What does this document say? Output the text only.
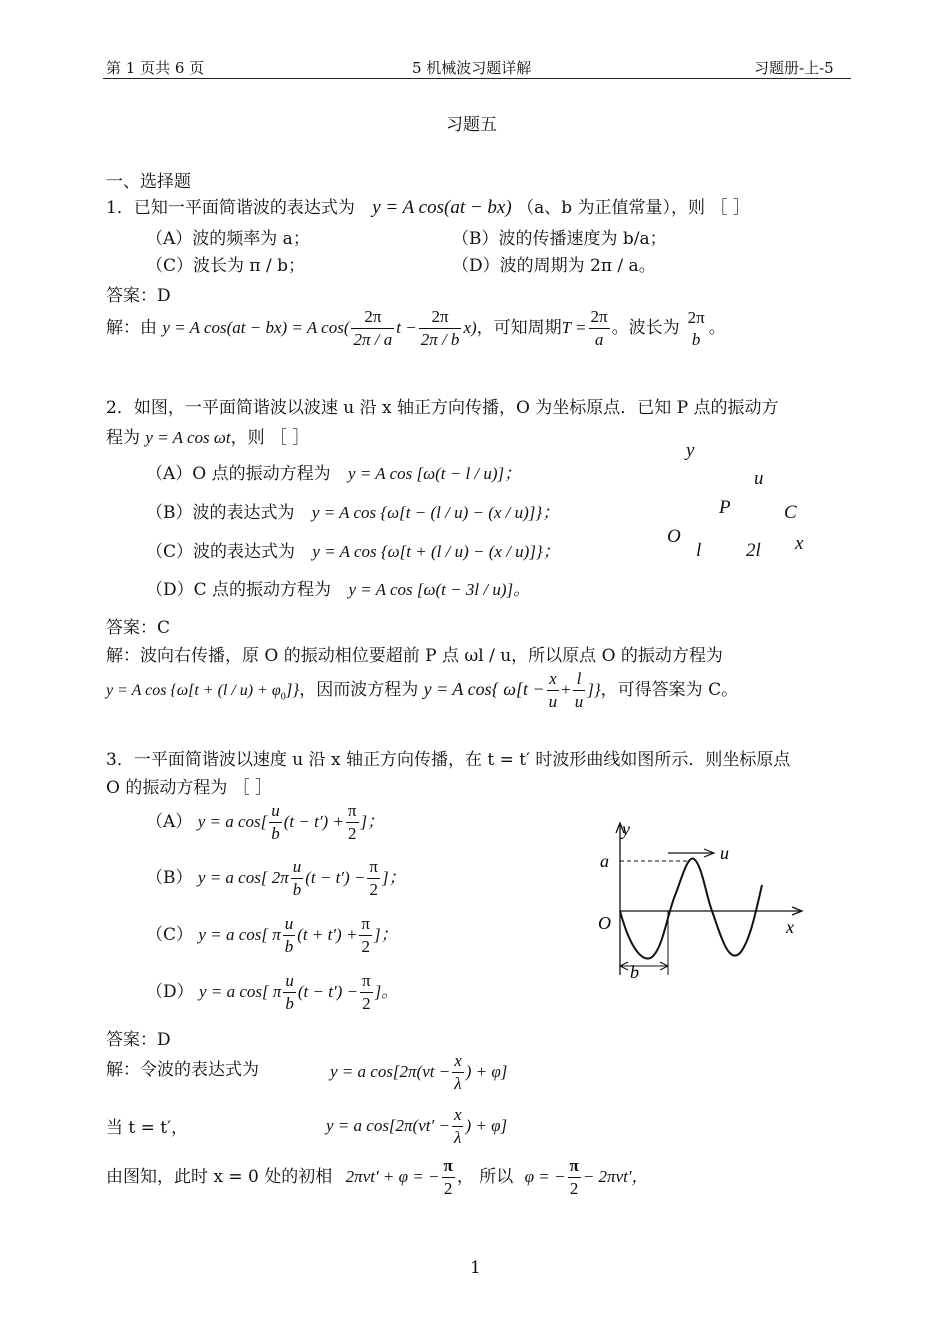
第 1 页共 6 页	5 机械波习题详解	习题册-上-5
习题五
一、选择题
1．已知一平面简谐波的表达式为 y = A cos(at − bx) （a、b 为正值常量），则 ［ ］
（A）波的频率为 a；	（B）波的传播速度为 b/a；
（C）波长为 π / b；	（D）波的周期为 2π / a。
答案：D
解：由 y = A cos(at − bx) = A $\cos( \frac{2\pi}{2\pi / a}$ $t - \frac{2\pi}{2\pi / b} x$)，可知周期$T = \frac{2\pi}{a}$ 。波长为
2π
b
。
2．如图，一平面简谐波以波速 u 沿 x 轴正方向传播，O 为坐标原点．已知 P 点的振动方
程为 y = A cos ωt，则 ［ ］
（A）O 点的振动方程为 y = A cos [ω(t − l / u)]；
（B）波的表达式为 y = A cos {ω[t − (l / u) − (x / u)]}；
（C）波的表达式为 y = A cos {ω[t + (l / u) − (x / u)]}；
（D）C 点的振动方程为 y = A cos [ω(t − 3l / u)]。
y
u
P	C
O
l 2l x
答案：C
解：波向右传播，原 O 的振动相位要超前 P 点 ωl / u，所以原点 O 的振动方程为
y = A $\cos \{\omega[t + (l / u) + \varphi_0]\}$，因而波方程为 y = A cos{ $\omega[t - \frac{x}{u} + \frac{l}{u}$ ]}，可得答案为 C。
3．一平面简谐波以速度 u 沿 x 轴正方向传播，在 t = t′ 时波形曲线如图所示．则坐标原点
O 的振动方程为 ［ ］
（A） y = a $\cos[ \frac{u}{b} (t - t') + \frac{\pi}{2}$ ]；
（B） y = a cos[ $2\pi \frac{u}{b} (t - t') - \frac{\pi}{2}$ ]；
（C） y = a cos[ π $\frac{u}{b} (t + t') + \frac{\pi}{2}$ ]；
（D） y = a cos[ π $\frac{u}{b} (t - t') - \frac{\pi}{2}$ ]。
y
u
a
O	x
b
答案：D
解：令波的表达式为	y = a $\cos[2\pi(\nu t - \frac{x}{\lambda}$ ) + φ]
当 t = t′，	y = a $\cos[2\pi(\nu t' - \frac{x}{\lambda}$ ) + φ]
由图知，此时 x = 0 处的初相 2πνt′ + φ = − $\frac{\pi}{2}$ ， 所以 φ = − $\frac{\pi}{2} - 2\pi\nu t'$，
1
